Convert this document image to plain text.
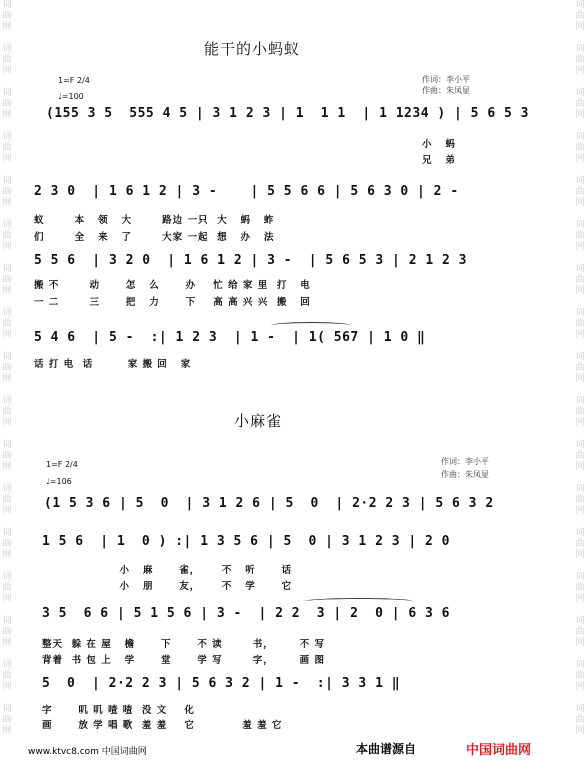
词
曲
网

词
曲
网

词
曲
网

词
曲
网

词
曲
网

词
曲
网

词
曲
网

词
曲
网

词
曲
网

词
曲
网

词
曲
网

词
曲
网

词
曲
网

词
曲
网

词
曲
网

词
曲
网

词
曲
网
词
曲
网

词
曲
网

词
曲
网

词
曲
网

词
曲
网

词
曲
网

词
曲
网

词
曲
网

词
曲
网

词
曲
网

词
曲
网

词
曲
网

词
曲
网

词
曲
网

词
曲
网

词
曲
网

词
曲
网
能干的小蚂蚁
1=F 2/4
♩=100
作词：李小平
作曲：朱凤显
(155 3 5  555 4 5 | 3 1 2 3 | 1  1 1  | 1 1234 ) | 5 6 5 3
小   蚂
兄   弟
2 3 0  | 1 6 1 2 | 3 -    | 5 5 6 6 | 5 6 3 0 | 2 -
蚁       本   领   大       路边 一只  大   蚂   蚱
们       全   来   了       大家 一起  想   办   法
5 5 6  | 3 2 0  | 1 6 1 2 | 3 -  | 5 6 5 3 | 2 1 2 3
搬 不       动      怎   么      办    忙 给 家 里  打   电
一 二       三      把   力      下    高 高 兴 兴  搬   回
5 4 6  | 5 -  :| 1 2 3  | 1 -  | 1( 567 | 1 0 ‖
话 打 电  话        家 搬 回   家
小麻雀
1=F 2/4
♩=106
作词：李小平
作曲：朱凤显
(1 5 3 6 | 5  0  | 3 1 2 6 | 5  0  | 2·2 2 3 | 5 6 3 2
1 5 6  | 1  0 ) :| 1 3 5 6 | 5  0 | 3 1 2 3 | 2 0
小   麻      雀，     不   听      话
小   朋      友，     不   学      它
3 5  6 6 | 5 1 5 6 | 3 -  | 2 2  3 | 2  0 | 6 3 6
整天  躲 在 屋   檐      下      不 读       书，      不 写
背着  书 包 上   学      堂      学 写       字，      画 图
5  0  | 2·2 2 3 | 5 6 3 2 | 1 -  :| 3 3 1 ‖
字      叽 叽 喳 喳  没 文    化
画      放 学 唱 歌  羞 羞    它           羞 羞 它
www.ktvc8.com 中国词曲网	本曲谱源自	中国词曲网
